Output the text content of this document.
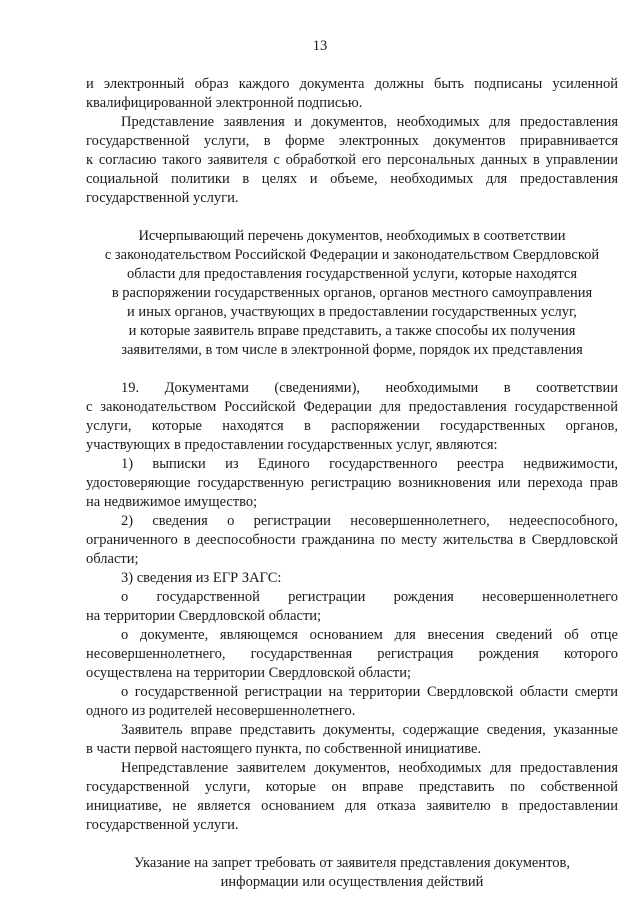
13
и электронный образ каждого документа должны быть подписаны усиленной
квалифицированной электронной подписью.
Представление заявления и документов, необходимых для предоставления
государственной услуги, в форме электронных документов приравнивается
к согласию такого заявителя с обработкой его персональных данных в управлении
социальной политики в целях и объеме, необходимых для предоставления
государственной услуги.
Исчерпывающий перечень документов, необходимых в соответствии
с законодательством Российской Федерации и законодательством Свердловской
области для предоставления государственной услуги, которые находятся
в распоряжении государственных органов, органов местного самоуправления
и иных органов, участвующих в предоставлении государственных услуг,
и которые заявитель вправе представить, а также способы их получения
заявителями, в том числе в электронной форме, порядок их представления
19. Документами (сведениями), необходимыми в соответствии
с законодательством Российской Федерации для предоставления государственной
услуги, которые находятся в распоряжении государственных органов,
участвующих в предоставлении государственных услуг, являются:
1) выписки из Единого государственного реестра недвижимости,
удостоверяющие государственную регистрацию возникновения или перехода прав
на недвижимое имущество;
2) сведения о регистрации несовершеннолетнего, недееспособного,
ограниченного в дееспособности гражданина по месту жительства в Свердловской
области;
3) сведения из ЕГР ЗАГС:
о государственной регистрации рождения несовершеннолетнего
на территории Свердловской области;
о документе, являющемся основанием для внесения сведений об отце
несовершеннолетнего, государственная регистрация рождения которого
осуществлена на территории Свердловской области;
о государственной регистрации на территории Свердловской области смерти
одного из родителей несовершеннолетнего.
Заявитель вправе представить документы, содержащие сведения, указанные
в части первой настоящего пункта, по собственной инициативе.
Непредставление заявителем документов, необходимых для предоставления
государственной услуги, которые он вправе представить по собственной
инициативе, не является основанием для отказа заявителю в предоставлении
государственной услуги.
Указание на запрет требовать от заявителя представления документов,
информации или осуществления действий
